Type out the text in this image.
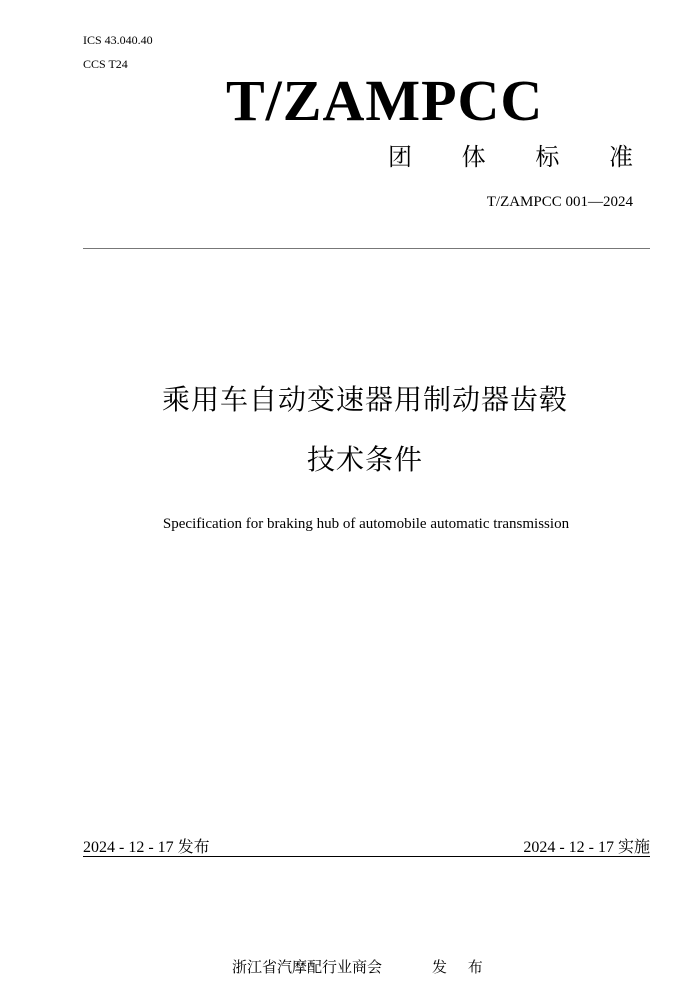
ICS 43.040.40
CCS T24
T/ZAMPCC
团 体 标 准
T/ZAMPCC 001—2024
乘用车自动变速器用制动器齿毂
技术条件
Specification for braking hub of automobile automatic transmission
2024 - 12 - 17 发布	2024 - 12 - 17 实施
浙江省汽摩配行业商会	发 布
